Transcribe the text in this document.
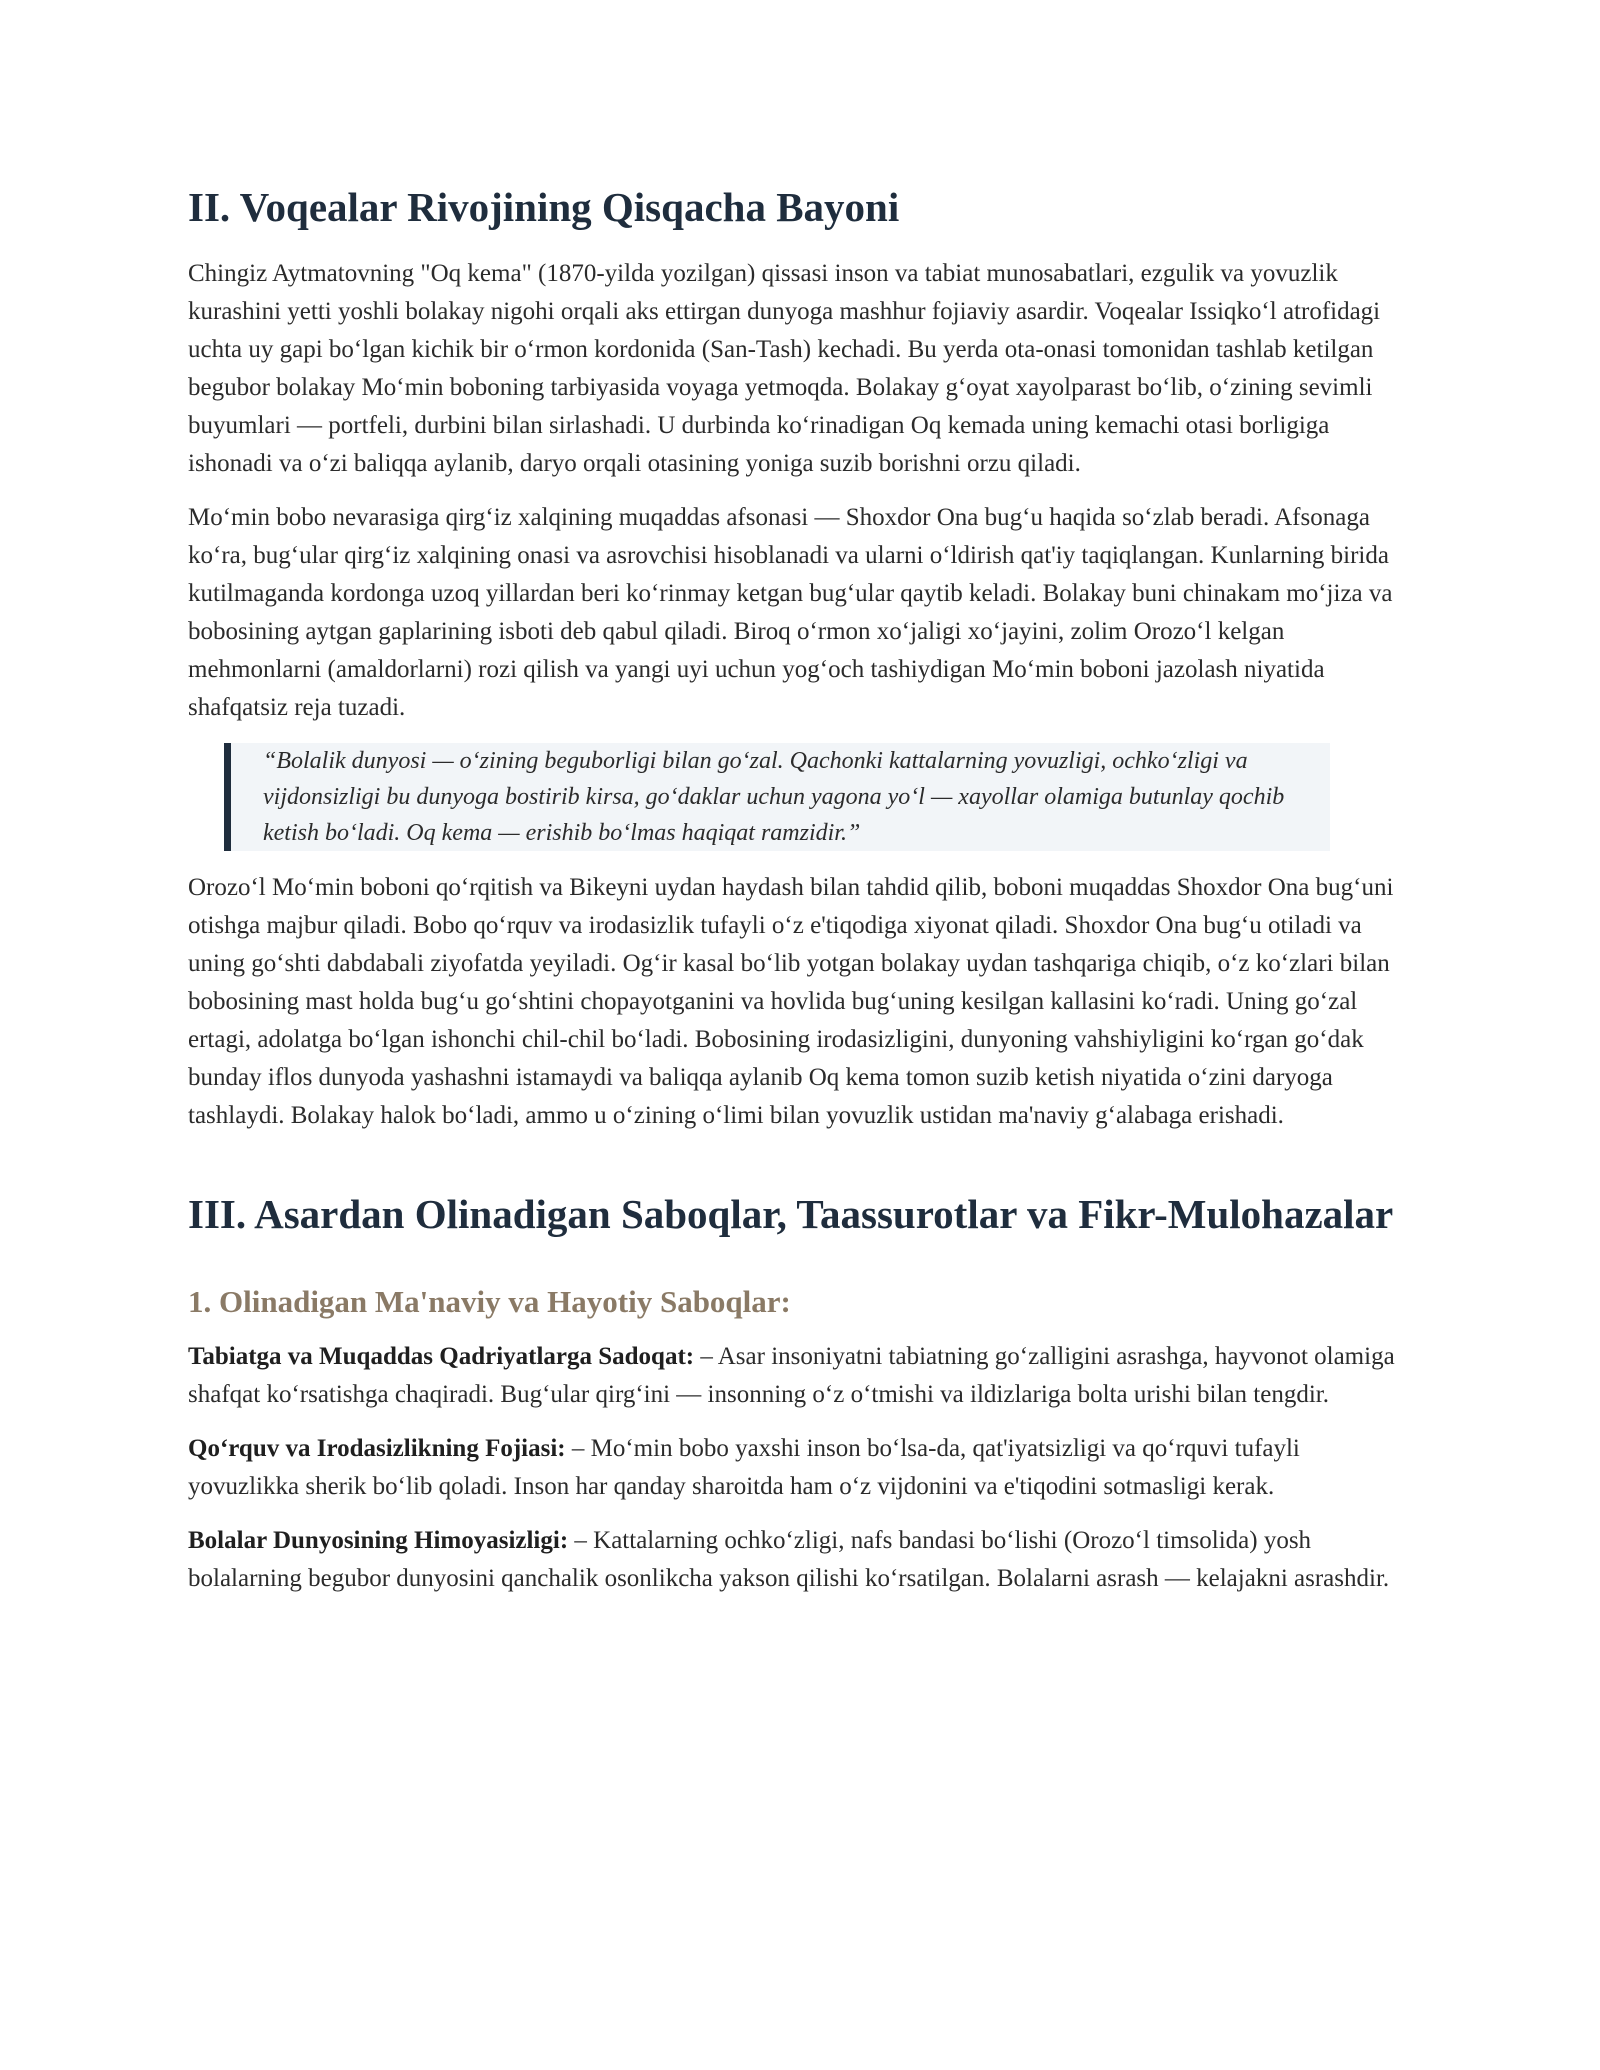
II. Voqealar Rivojining Qisqacha Bayoni

Chingiz Aytmatovning "Oq kema" (1870-yilda yozilgan) qissasi inson va tabiat munosabatlari, ezgulik va yovuzlik kurashini yetti yoshli bolakay nigohi orqali aks ettirgan dunyoga mashhur fojiaviy asardir. Voqealar Issiqko‘l atrofidagi uchta uy gapi bo‘lgan kichik bir o‘rmon kordonida (San-Tash) kechadi. Bu yerda ota-onasi tomonidan tashlab ketilgan begubor bolakay Mo‘min boboning tarbiyasida voyaga yetmoqda. Bolakay g‘oyat xayolparast bo‘lib, o‘zining sevimli buyumlari — portfeli, durbini bilan sirlashadi. U durbinda ko‘rinadigan Oq kemada uning kemachi otasi borligiga ishonadi va o‘zi baliqqa aylanib, daryo orqali otasining yoniga suzib borishni orzu qiladi.

Mo‘min bobo nevarasiga qirg‘iz xalqining muqaddas afsonasi — Shoxdor Ona bug‘u haqida so‘zlab beradi. Afsonaga ko‘ra, bug‘ular qirg‘iz xalqining onasi va asrovchisi hisoblanadi va ularni o‘ldirish qat'iy taqiqlangan. Kunlarning birida kutilmaganda kordonga uzoq yillardan beri ko‘rinmay ketgan bug‘ular qaytib keladi. Bolakay buni chinakam mo‘jiza va bobosining aytgan gaplarining isboti deb qabul qiladi. Biroq o‘rmon xo‘jaligi xo‘jayini, zolim Orozo‘l kelgan mehmonlarni (amaldorlarni) rozi qilish va yangi uyi uchun yog‘och tashiydigan Mo‘min boboni jazolash niyatida shafqatsiz reja tuzadi.

“Bolalik dunyosi — o‘zining beguborligi bilan go‘zal. Qachonki kattalarning yovuzligi, ochko‘zligi va vijdonsizligi bu dunyoga bostirib kirsa, go‘daklar uchun yagona yo‘l — xayollar olamiga butunlay qochib ketish bo‘ladi. Oq kema — erishib bo‘lmas haqiqat ramzidir.”

Orozo‘l Mo‘min boboni qo‘rqitish va Bikeyni uydan haydash bilan tahdid qilib, boboni muqaddas Shoxdor Ona bug‘uni otishga majbur qiladi. Bobo qo‘rquv va irodasizlik tufayli o‘z e'tiqodiga xiyonat qiladi. Shoxdor Ona bug‘u otiladi va uning go‘shti dabdabali ziyofatda yeyiladi. Og‘ir kasal bo‘lib yotgan bolakay uydan tashqariga chiqib, o‘z ko‘zlari bilan bobosining mast holda bug‘u go‘shtini chopayotganini va hovlida bug‘uning kesilgan kallasini ko‘radi. Uning go‘zal ertagi, adolatga bo‘lgan ishonchi chil-chil bo‘ladi. Bobosining irodasizligini, dunyoning vahshiyligini ko‘rgan go‘dak bunday iflos dunyoda yashashni istamaydi va baliqqa aylanib Oq kema tomon suzib ketish niyatida o‘zini daryoga tashlaydi. Bolakay halok bo‘ladi, ammo u o‘zining o‘limi bilan yovuzlik ustidan ma'naviy g‘alabaga erishadi.

III. Asardan Olinadigan Saboqlar, Taassurotlar va Fikr-Mulohazalar
1. Olinadigan Ma'naviy va Hayotiy Saboqlar:

Tabiatga va Muqaddas Qadriyatlarga Sadoqat: – Asar insoniyatni tabiatning go‘zalligini asrashga, hayvonot olamiga shafqat ko‘rsatishga chaqiradi. Bug‘ular qirg‘ini — insonning o‘z o‘tmishi va ildizlariga bolta urishi bilan tengdir.

Qo‘rquv va Irodasizlikning Fojiasi: – Mo‘min bobo yaxshi inson bo‘lsa-da, qat'iyatsizligi va qo‘rquvi tufayli yovuzlikka sherik bo‘lib qoladi. Inson har qanday sharoitda ham o‘z vijdonini va e'tiqodini sotmasligi kerak.

Bolalar Dunyosining Himoyasizligi: – Kattalarning ochko‘zligi, nafs bandasi bo‘lishi (Orozo‘l timsolida) yosh bolalarning begubor dunyosini qanchalik osonlikcha yakson qilishi ko‘rsatilgan. Bolalarni asrash — kelajakni asrashdir.
